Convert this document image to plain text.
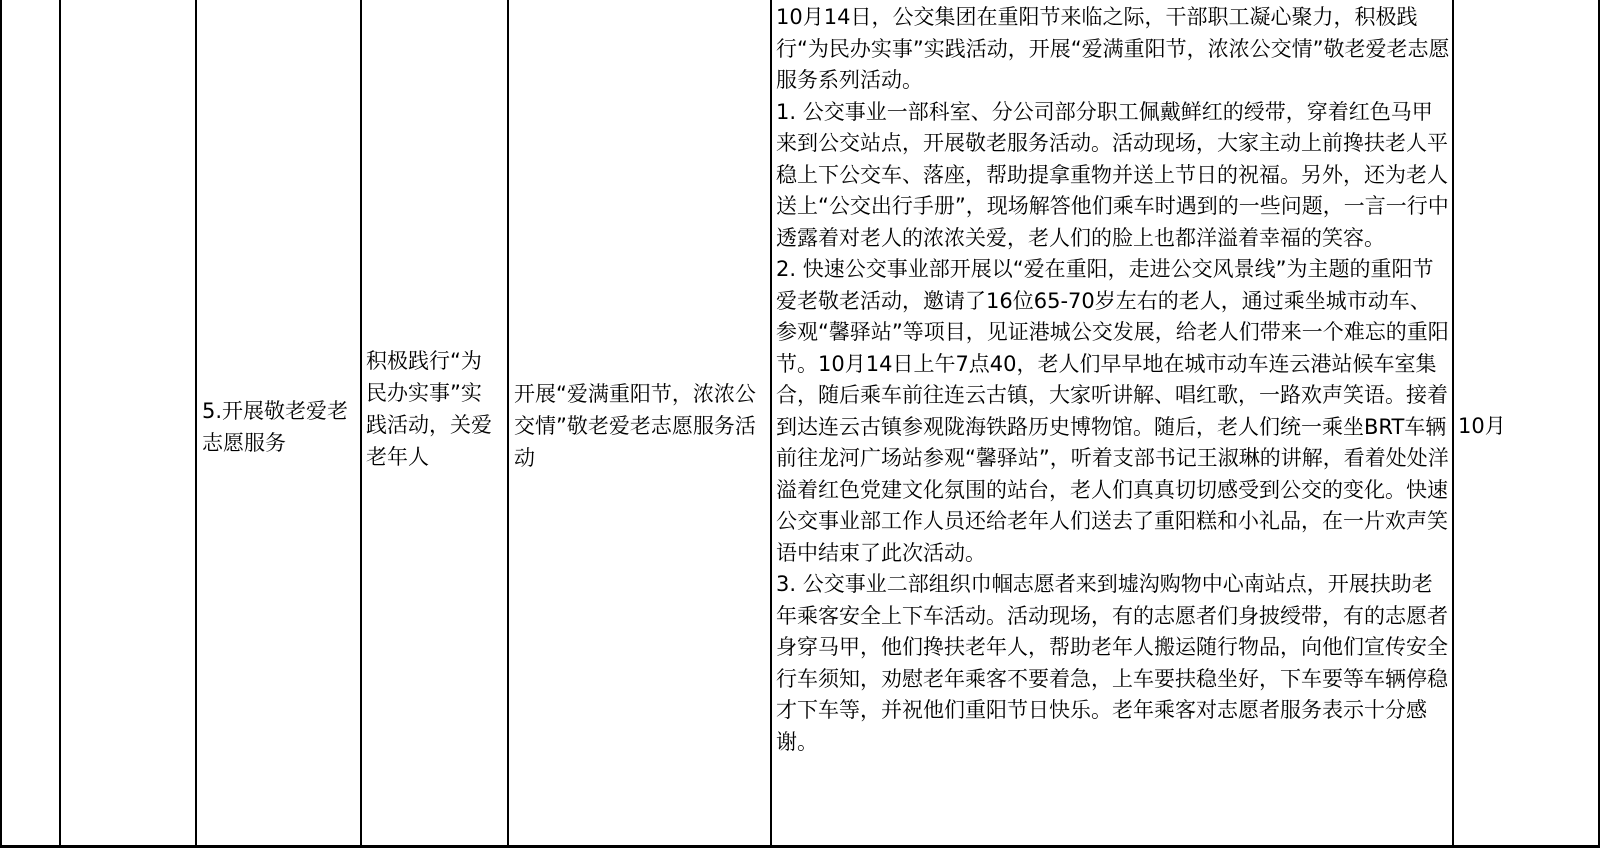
5.开展敬老爱老志愿服务
积极践行“为民办实事”实践活动，关爱老年人
开展“爱满重阳节，浓浓公交情”敬老爱老志愿服务活动
10月14日，公交集团在重阳节来临之际，干部职工凝心聚力，积极践行“为民办实事”实践活动，开展“爱满重阳节，浓浓公交情”敬老爱老志愿服务系列活动。
1. 公交事业一部科室、分公司部分职工佩戴鲜红的绶带，穿着红色马甲来到公交站点，开展敬老服务活动。活动现场，大家主动上前搀扶老人平稳上下公交车、落座，帮助提拿重物并送上节日的祝福。另外，还为老人送上“公交出行手册”，现场解答他们乘车时遇到的一些问题，一言一行中透露着对老人的浓浓关爱，老人们的脸上也都洋溢着幸福的笑容。
2. 快速公交事业部开展以“爱在重阳，走进公交风景线”为主题的重阳节爱老敬老活动，邀请了16位65-70岁左右的老人，通过乘坐城市动车、参观“馨驿站”等项目，见证港城公交发展，给老人们带来一个难忘的重阳节。10月14日上午7点40，老人们早早地在城市动车连云港站候车室集合，随后乘车前往连云古镇，大家听讲解、唱红歌，一路欢声笑语。接着到达连云古镇参观陇海铁路历史博物馆。随后，老人们统一乘坐BRT车辆前往龙河广场站参观“馨驿站”，听着支部书记王淑琳的讲解，看着处处洋溢着红色党建文化氛围的站台，老人们真真切切感受到公交的变化。快速公交事业部工作人员还给老年人们送去了重阳糕和小礼品，在一片欢声笑语中结束了此次活动。
3. 公交事业二部组织巾帼志愿者来到墟沟购物中心南站点，开展扶助老年乘客安全上下车活动。活动现场，有的志愿者们身披绶带，有的志愿者身穿马甲，他们搀扶老年人，帮助老年人搬运随行物品，向他们宣传安全行车须知，劝慰老年乘客不要着急，上车要扶稳坐好，下车要等车辆停稳才下车等，并祝他们重阳节日快乐。老年乘客对志愿者服务表示十分感谢。
10月
